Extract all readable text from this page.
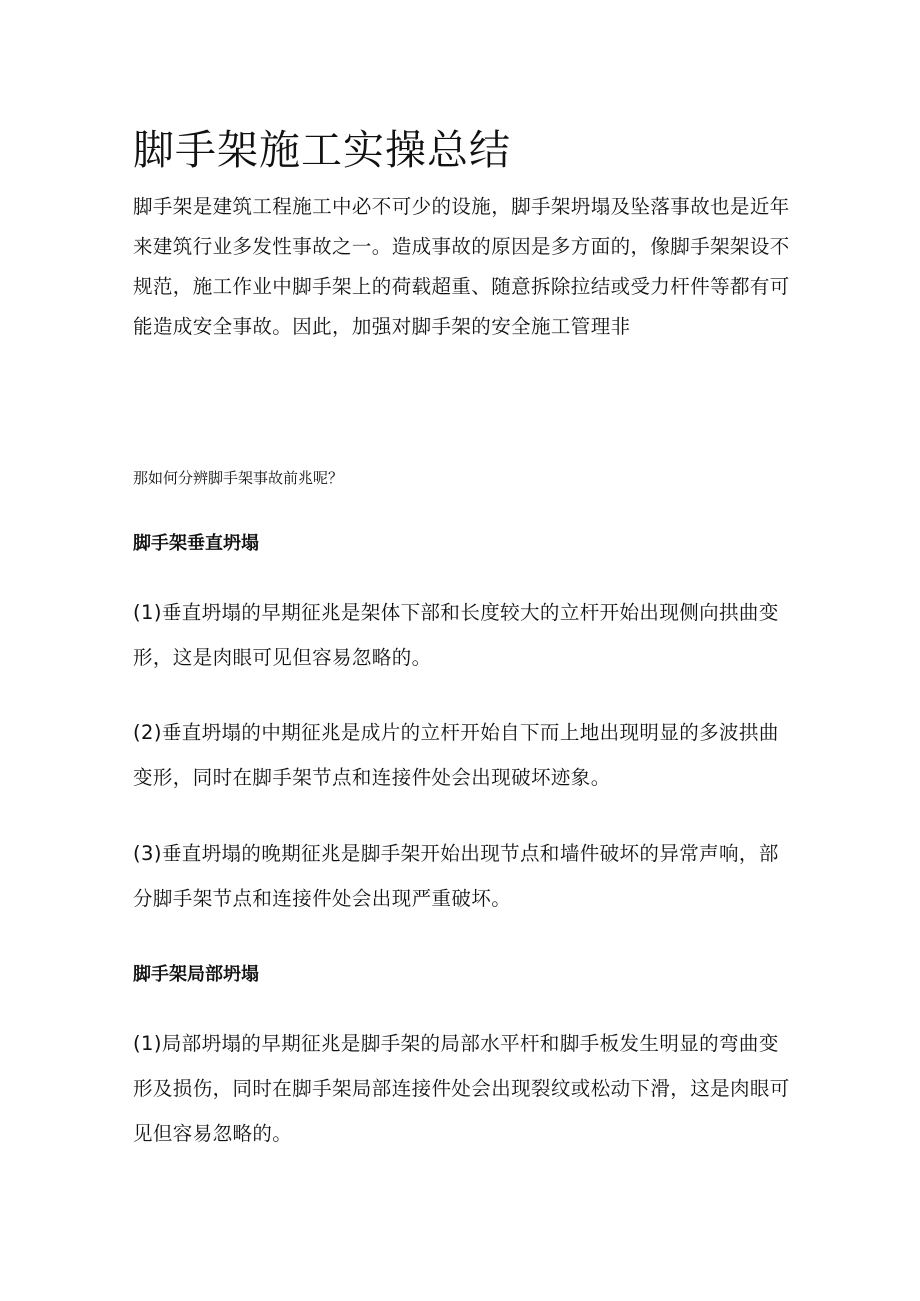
脚手架施工实操总结

脚手架是建筑工程施工中必不可少的设施，脚手架坍塌及坠落事故也是近年来建筑行业多发性事故之一。造成事故的原因是多方面的，像脚手架架设不规范，施工作业中脚手架上的荷载超重、随意拆除拉结或受力杆件等都有可能造成安全事故。因此，加强对脚手架的安全施工管理非

那如何分辨脚手架事故前兆呢？

脚手架垂直坍塌

(1)垂直坍塌的早期征兆是架体下部和长度较大的立杆开始出现侧向拱曲变形，这是肉眼可见但容易忽略的。

(2)垂直坍塌的中期征兆是成片的立杆开始自下而上地出现明显的多波拱曲变形，同时在脚手架节点和连接件处会出现破坏迹象。

(3)垂直坍塌的晚期征兆是脚手架开始出现节点和墙件破坏的异常声响，部分脚手架节点和连接件处会出现严重破坏。

脚手架局部坍塌

(1)局部坍塌的早期征兆是脚手架的局部水平杆和脚手板发生明显的弯曲变形及损伤，同时在脚手架局部连接件处会出现裂纹或松动下滑，这是肉眼可见但容易忽略的。
